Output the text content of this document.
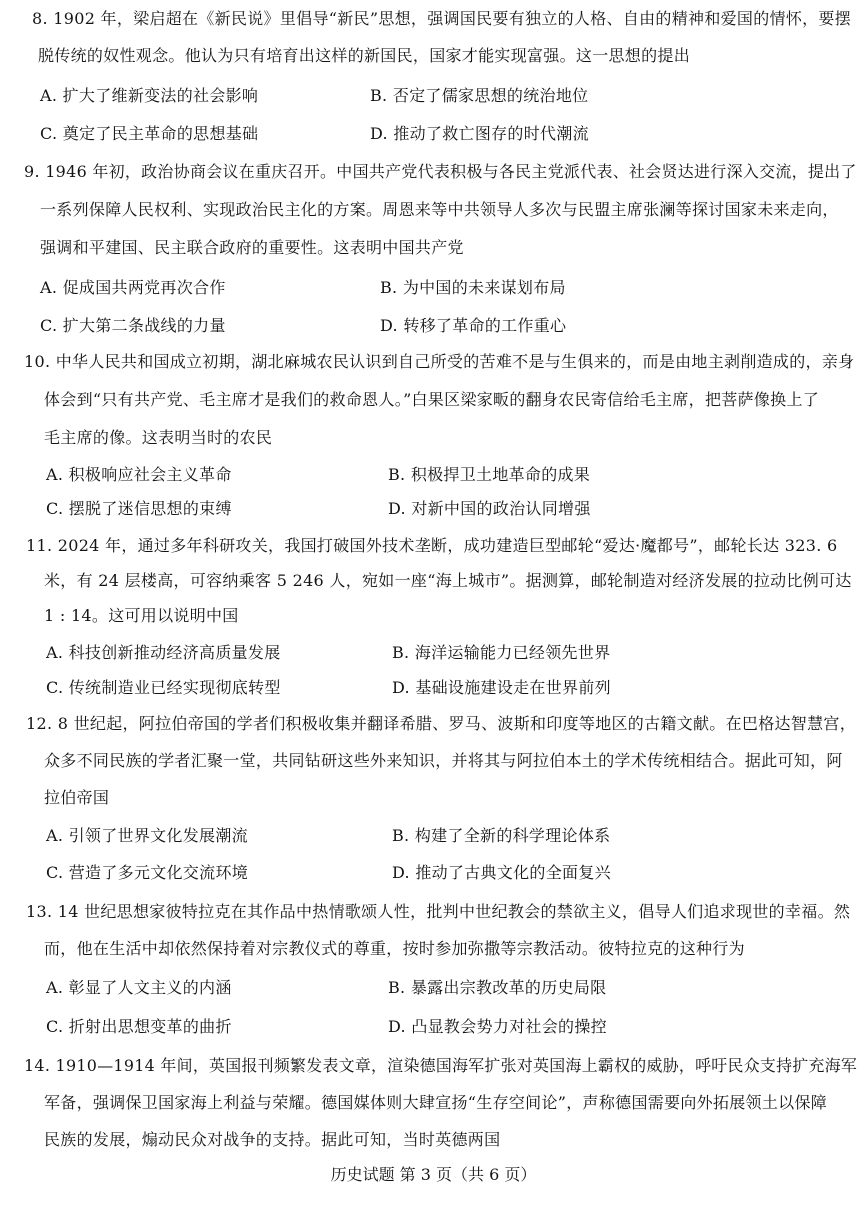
8. 1902 年，梁启超在《新民说》里倡导“新民”思想，强调国民要有独立的人格、自由的精神和爱国的情怀，要摆
脱传统的奴性观念。他认为只有培育出这样的新国民，国家才能实现富强。这一思想的提出
A. 扩大了维新变法的社会影响	B. 否定了儒家思想的统治地位
C. 奠定了民主革命的思想基础	D. 推动了救亡图存的时代潮流
9. 1946 年初，政治协商会议在重庆召开。中国共产党代表积极与各民主党派代表、社会贤达进行深入交流，提出了
一系列保障人民权利、实现政治民主化的方案。周恩来等中共领导人多次与民盟主席张澜等探讨国家未来走向，
强调和平建国、民主联合政府的重要性。这表明中国共产党
A. 促成国共两党再次合作	B. 为中国的未来谋划布局
C. 扩大第二条战线的力量	D. 转移了革命的工作重心
10. 中华人民共和国成立初期，湖北麻城农民认识到自己所受的苦难不是与生俱来的，而是由地主剥削造成的，亲身
体会到“只有共产党、毛主席才是我们的救命恩人。”白果区梁家畈的翻身农民寄信给毛主席，把菩萨像换上了
毛主席的像。这表明当时的农民
A. 积极响应社会主义革命	B. 积极捍卫土地革命的成果
C. 摆脱了迷信思想的束缚	D. 对新中国的政治认同增强
11. 2024 年，通过多年科研攻关，我国打破国外技术垄断，成功建造巨型邮轮“爱达·魔都号”，邮轮长达 323. 6
米，有 24 层楼高，可容纳乘客 5 246 人，宛如一座“海上城市”。据测算，邮轮制造对经济发展的拉动比例可达
1 : 14。这可用以说明中国
A. 科技创新推动经济高质量发展	B. 海洋运输能力已经领先世界
C. 传统制造业已经实现彻底转型	D. 基础设施建设走在世界前列
12. 8 世纪起，阿拉伯帝国的学者们积极收集并翻译希腊、罗马、波斯和印度等地区的古籍文献。在巴格达智慧宫，
众多不同民族的学者汇聚一堂，共同钻研这些外来知识，并将其与阿拉伯本土的学术传统相结合。据此可知，阿
拉伯帝国
A. 引领了世界文化发展潮流	B. 构建了全新的科学理论体系
C. 营造了多元文化交流环境	D. 推动了古典文化的全面复兴
13. 14 世纪思想家彼特拉克在其作品中热情歌颂人性，批判中世纪教会的禁欲主义，倡导人们追求现世的幸福。然
而，他在生活中却依然保持着对宗教仪式的尊重，按时参加弥撒等宗教活动。彼特拉克的这种行为
A. 彰显了人文主义的内涵	B. 暴露出宗教改革的历史局限
C. 折射出思想变革的曲折	D. 凸显教会势力对社会的操控
14. 1910—1914 年间，英国报刊频繁发表文章，渲染德国海军扩张对英国海上霸权的威胁，呼吁民众支持扩充海军
军备，强调保卫国家海上利益与荣耀。德国媒体则大肆宣扬“生存空间论”，声称德国需要向外拓展领土以保障
民族的发展，煽动民众对战争的支持。据此可知，当时英德两国
历史试题 第 3 页（共 6 页）
